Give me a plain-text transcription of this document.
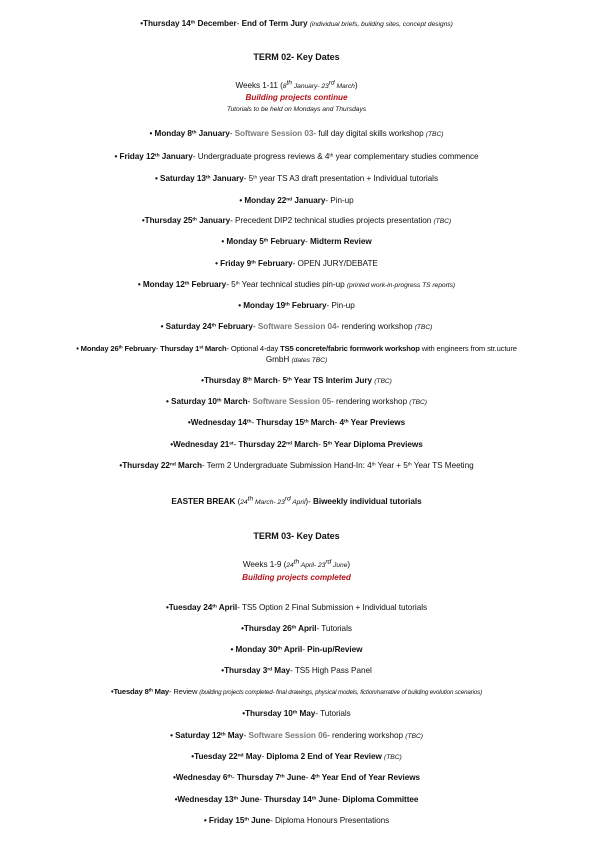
•Thursday 14th December- End of Term Jury (individual briefs, building sites, concept designs)
TERM 02- Key Dates
Weeks 1-11 (8th January- 23rd March)
Building projects continue
Tutorials to be held on Mondays and Thursdays
• Monday 8th January- Software Session 03- full day digital skills workshop (TBC)
• Friday 12th January- Undergraduate progress reviews & 4th year complementary studies commence
• Saturday 13th January- 5th year TS A3 draft presentation + Individual tutorials
• Monday 22nd January- Pin-up
•Thursday 25th January- Precedent DIP2 technical studies projects presentation (TBC)
• Monday 5th February- Midterm Review
• Friday 9th February- OPEN JURY/DEBATE
• Monday 12th February- 5th Year technical studies pin-up (printed work-in-progress TS reports)
• Monday 19th February- Pin-up
• Saturday 24th February- Software Session 04- rendering workshop (TBC)
• Monday 26th February- Thursday 1st March- Optional 4-day TS5 concrete/fabric formwork workshop with engineers from str.ucture
GmbH (dates TBC)
•Thursday 8th March- 5th Year TS Interim Jury (TBC)
• Saturday 10th March- Software Session 05- rendering workshop (TBC)
•Wednesday 14th- Thursday 15th March- 4th Year Previews
•Wednesday 21st- Thursday 22nd March- 5th Year Diploma Previews
•Thursday 22nd March- Term 2 Undergraduate Submission Hand-In: 4th Year + 5th Year TS Meeting
EASTER BREAK (24th March- 23rd April)- Biweekly individual tutorials
TERM 03- Key Dates
Weeks 1-9 (24th April- 23rd June)
Building projects completed
•Tuesday 24th April- TS5 Option 2 Final Submission + Individual tutorials
•Thursday 26th April- Tutorials
• Monday 30th April- Pin-up/Review
•Thursday 3rd May- TS5 High Pass Panel
•Tuesday 8th May- Review (building projects completed- final drawings, physical models, fiction/narrative of building evolution scenarios)
•Thursday 10th May- Tutorials
• Saturday 12th May- Software Session 06- rendering workshop (TBC)
•Tuesday 22nd May- Diploma 2 End of Year Review (TBC)
•Wednesday 6th- Thursday 7th June- 4th Year End of Year Reviews
•Wednesday 13th June- Thursday 14th June- Diploma Committee
• Friday 15th June- Diploma Honours Presentations
